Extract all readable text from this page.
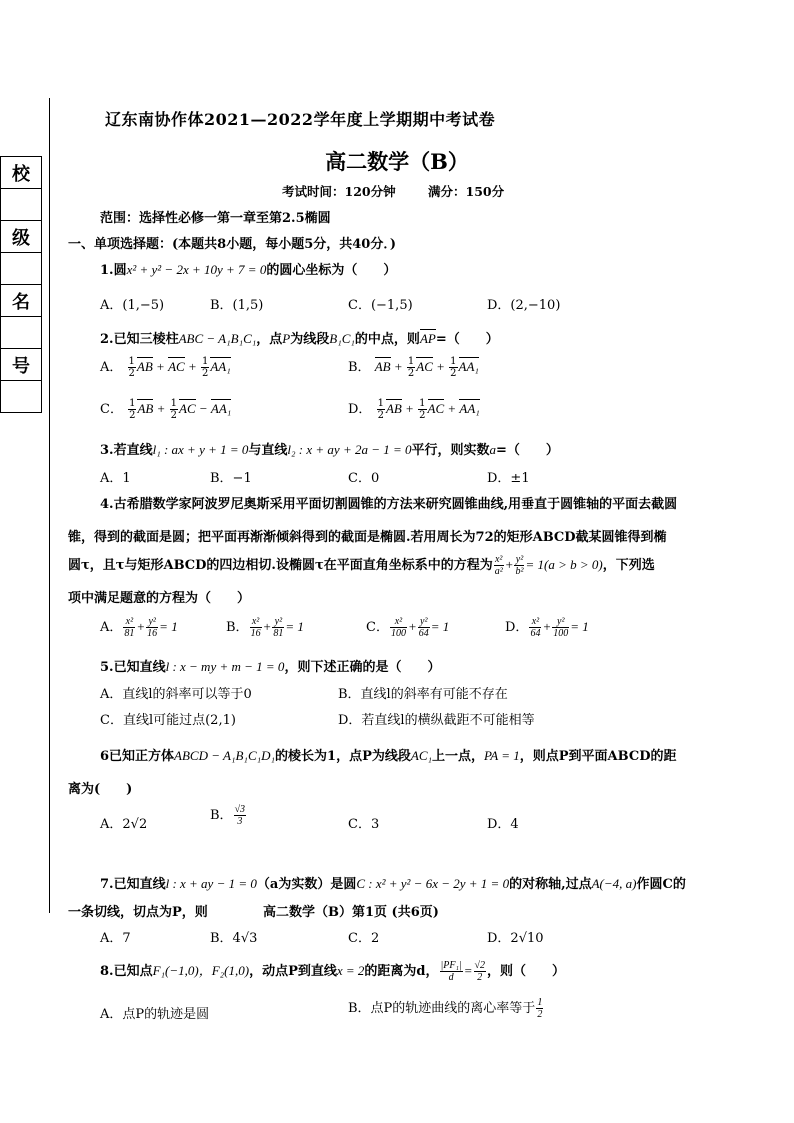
校

级

名

号

辽东南协作体2021—2022学年度上学期期中考试卷
高二数学（B）
考试时间：120分钟	满分：150分
范围：选择性必修一第一章至第2.5椭圆
一、单项选择题：(本题共8小题，每小题5分，共40分．)
1.圆x² + y² − 2x + 10y + 7 = 0的圆心坐标为（　　）
A．(1,−5)	B．(1,5)	C．(−1,5)	D．(2,−10)
2.已知三棱柱ABC − A₁B₁C₁，点P为线段B₁C₁的中点，则AP=（　　）
A． $\frac{1}{2}$ AB + AC + $\frac{1}{2} AA_1$	B． AB + $\frac{1}{2}$ AC + $\frac{1}{2} AA_1$
C． $\frac{1}{2}$ AB + $\frac{1}{2}$ AC − AA₁	D． $\frac{1}{2}$ AB + $\frac{1}{2}$ AC + AA₁
3.若直线l₁ : ax + y + 1 = 0与直线l₂ : x + ay + 2a − 1 = 0平行，则实数a=（　　）
A．1	B．−1	C．0	D．±1
4.古希腊数学家阿波罗尼奥斯采用平面切割圆锥的方法来研究圆锥曲线,用垂直于圆锥轴的平面去截圆
锥，得到的截面是圆；把平面再渐渐倾斜得到的截面是椭圆.若用周长为72的矩形ABCD截某圆锥得到椭
圆τ，且τ与矩形ABCD的四边相切.设椭圆τ在平面直角坐标系中的方程为 $\frac{\text{x²}}{\text{a²}} + \frac{\text{y²}}{\text{b²}} = 1(a > b > 0)$，下列选
项中满足题意的方程为（　　）
A． $\frac{\text{x²}}{81} + \frac{\text{y²}}{16} = 1$	B． $\frac{\text{x²}}{16} + \frac{\text{y²}}{81} = 1$	C． $\frac{\text{x²}}{100} + \frac{\text{y²}}{64} = 1$	D． $\frac{\text{x²}}{64} + \frac{\text{y²}}{100} = 1$
5.已知直线l : x − my + m − 1 = 0，则下述正确的是（　　）
A．直线l的斜率可以等于0	B．直线l的斜率有可能不存在
C．直线l可能过点(2,1)	D．若直线l的横纵截距不可能相等
6已知正方体ABCD − A₁B₁C₁D₁的棱长为1，点P为线段AC₁上一点，PA = 1，则点P到平面ABCD的距
离为(　　)
A．2√2
B． $\frac{√3}{3}$	C．3	D．4
7.已知直线l : x + ay − 1 = 0（a为实数）是圆C : x² + y² − 6x − 2y + 1 = 0的对称轴,过点A(−4, a)作圆C的
一条切线，切点为P，则	高二数学（B）第1页 (共6页)
A．7	B．4√3	C．2	D．2√10
8.已知点F₁(−1,0)，F₂(1,0)，动点P到直线x = 2的距离为d， $\frac{\text{|PF₁|}}{d} = \frac{√2}{2}$ ，则（　　）
A．点P的轨迹是圆	B．点P的轨迹曲线的离心率等于 $\frac{1}{2}$
